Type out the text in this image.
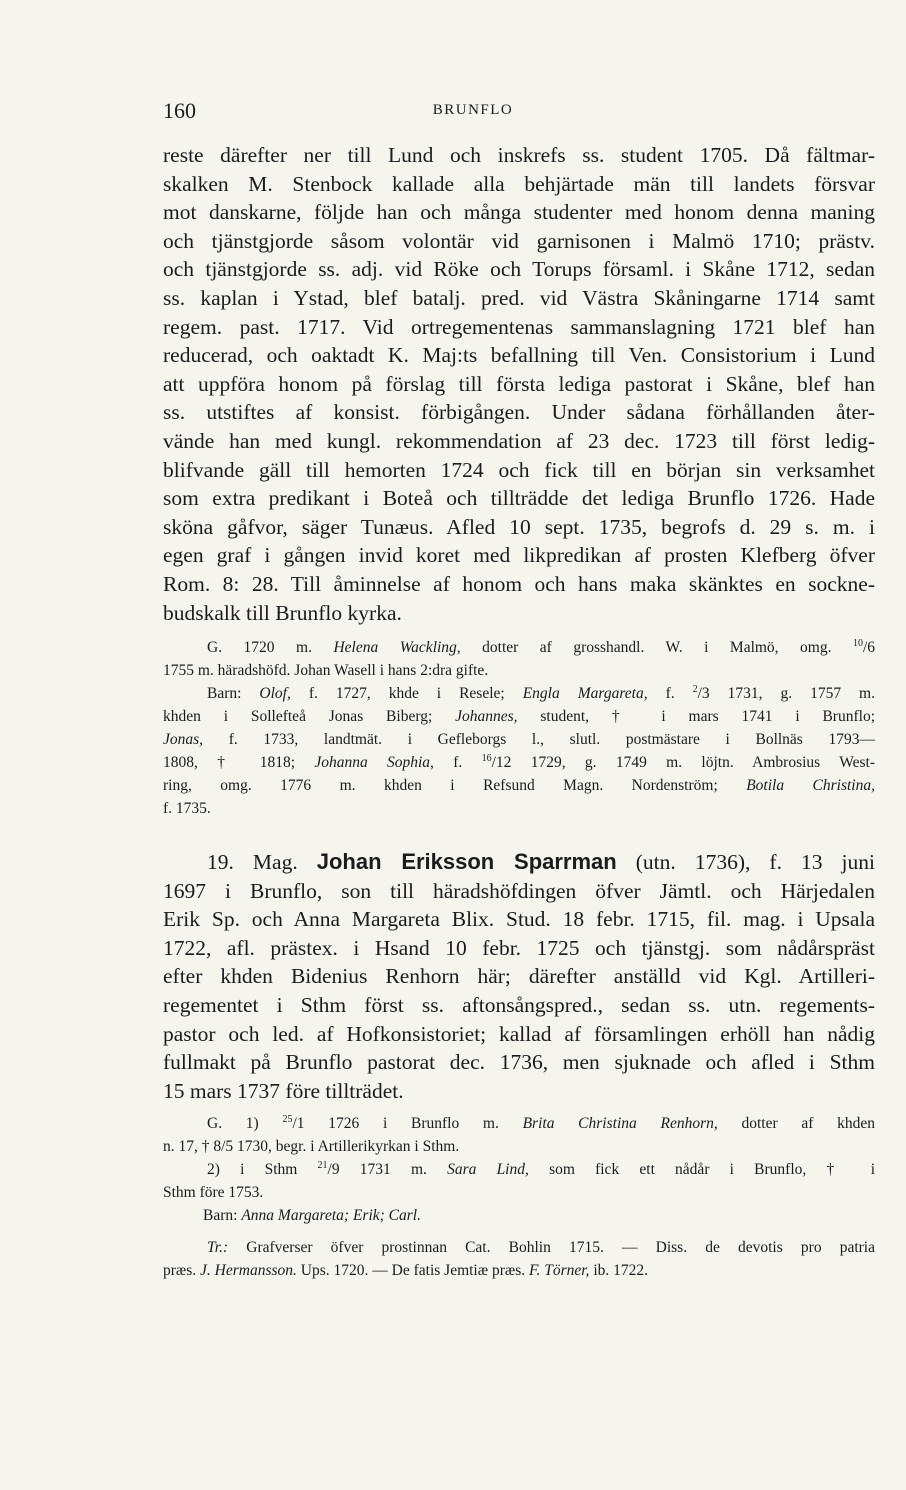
160	BRUNFLO
reste därefter ner till Lund och inskrefs ss. student 1705. Då fältmar-
skalken M. Stenbock kallade alla behjärtade män till landets försvar
mot danskarne, följde han och många studenter med honom denna maning
och tjänstgjorde såsom volontär vid garnisonen i Malmö 1710; prästv.
och tjänstgjorde ss. adj. vid Röke och Torups församl. i Skåne 1712, sedan
ss. kaplan i Ystad, blef batalj. pred. vid Västra Skåningarne 1714 samt
regem. past. 1717. Vid ortregementenas sammanslagning 1721 blef han
reducerad, och oaktadt K. Maj:ts befallning till Ven. Consistorium i Lund
att uppföra honom på förslag till första lediga pastorat i Skåne, blef han
ss. utstiftes af konsist. förbigången. Under sådana förhållanden åter-
vände han med kungl. rekommendation af 23 dec. 1723 till först ledig-
blifvande gäll till hemorten 1724 och fick till en början sin verksamhet
som extra predikant i Boteå och tillträdde det lediga Brunflo 1726. Hade
sköna gåfvor, säger Tunæus. Afled 10 sept. 1735, begrofs d. 29 s. m. i
egen graf i gången invid koret med likpredikan af prosten Klefberg öfver
Rom. 8: 28. Till åminnelse af honom och hans maka skänktes en sockne-
budskalk till Brunflo kyrka.
G. 1720 m. Helena Wackling, dotter af grosshandl. W. i Malmö, omg. $^{10}$/6
1755 m. häradshöfd. Johan Wasell i hans 2:dra gifte.
Barn: Olof, f. 1727, khde i Resele; Engla Margareta, f. $^2$/3 1731, g. 1757 m.
khden i Sollefteå Jonas Biberg; Johannes, student, † i mars 1741 i Brunflo;
Jonas, f. 1733, landtmät. i Gefleborgs l., slutl. postmästare i Bollnäs 1793—
1808, † 1818; Johanna Sophia, f. $^{16}$/12 1729, g. 1749 m. löjtn. Ambrosius West-
ring, omg. 1776 m. khden i Refsund Magn. Nordenström; Botila Christina,
f. 1735.
19. Mag. Johan Eriksson Sparrman (utn. 1736), f. 13 juni
1697 i Brunflo, son till häradshöfdingen öfver Jämtl. och Härjedalen
Erik Sp. och Anna Margareta Blix. Stud. 18 febr. 1715, fil. mag. i Upsala
1722, afl. prästex. i Hsand 10 febr. 1725 och tjänstgj. som nådårspräst
efter khden Bidenius Renhorn här; därefter anställd vid Kgl. Artilleri-
regementet i Sthm först ss. aftonsångspred., sedan ss. utn. regements-
pastor och led. af Hofkonsistoriet; kallad af församlingen erhöll han nådig
fullmakt på Brunflo pastorat dec. 1736, men sjuknade och afled i Sthm
15 mars 1737 före tillträdet.
G. 1) $^{25}$/1 1726 i Brunflo m. Brita Christina Renhorn, dotter af khden
n. 17, † 8/5 1730, begr. i Artillerikyrkan i Sthm.
2) i Sthm $^{21}$/9 1731 m. Sara Lind, som fick ett nådår i Brunflo, † i
Sthm före 1753.
Barn: Anna Margareta; Erik; Carl.
Tr.: Grafverser öfver prostinnan Cat. Bohlin 1715. — Diss. de devotis pro patria
præs. J. Hermansson. Ups. 1720. — De fatis Jemtiæ præs. F. Törner, ib. 1722.
